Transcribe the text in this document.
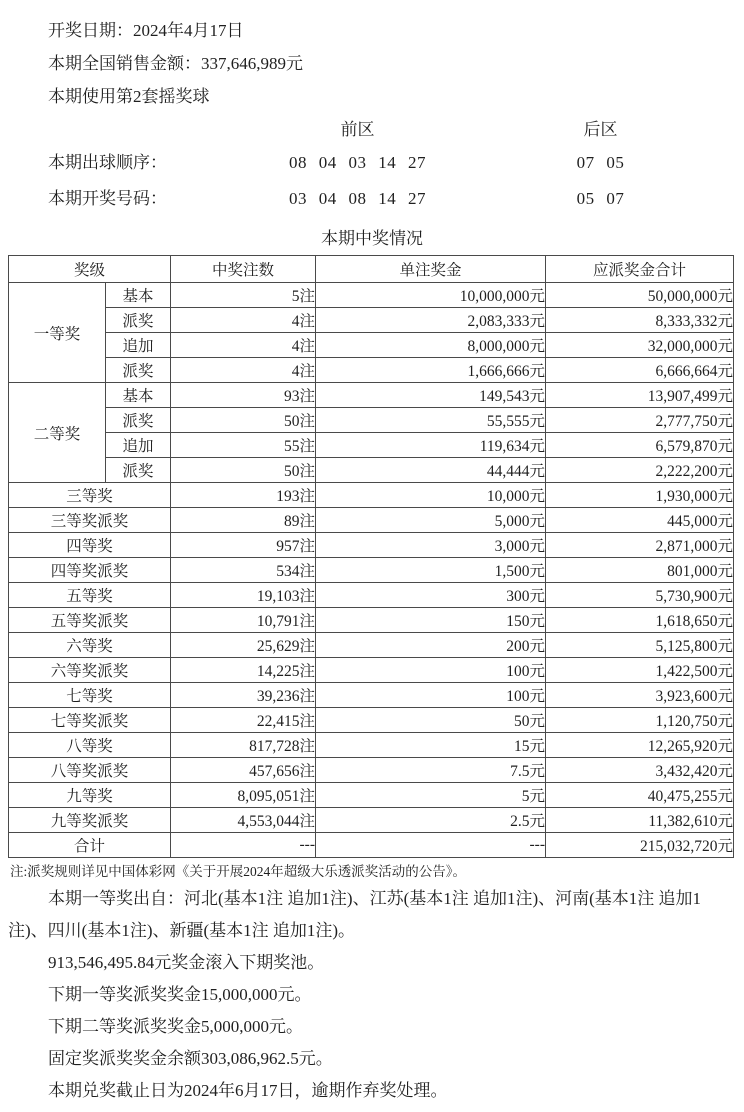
开奖日期：2024年4月17日

本期全国销售金额：337,646,989元

本期使用第2套摇奖球

前区	后区
本期出球顺序：	08 04 03 14 27	07 05
本期开奖号码：	03 04 08 14 27	05 07
本期中奖情况
奖级		中奖注数	单注奖金	应派奖金合计
一等奖	基本	5注	10,000,000元	50,000,000元
	派奖	4注	2,083,333元	8,333,332元
	追加	4注	8,000,000元	32,000,000元
	派奖	4注	1,666,666元	6,666,664元
二等奖	基本	93注	149,543元	13,907,499元
	派奖	50注	55,555元	2,777,750元
	追加	55注	119,634元	6,579,870元
	派奖	50注	44,444元	2,222,200元
三等奖		193注	10,000元	1,930,000元
三等奖派奖		89注	5,000元	445,000元
四等奖		957注	3,000元	2,871,000元
四等奖派奖		534注	1,500元	801,000元
五等奖		19,103注	300元	5,730,900元
五等奖派奖		10,791注	150元	1,618,650元
六等奖		25,629注	200元	5,125,800元
六等奖派奖		14,225注	100元	1,422,500元
七等奖		39,236注	100元	3,923,600元
七等奖派奖		22,415注	50元	1,120,750元
八等奖		817,728注	15元	12,265,920元
八等奖派奖		457,656注	7.5元	3,432,420元
九等奖		8,095,051注	5元	40,475,255元
九等奖派奖		4,553,044注	2.5元	11,382,610元
合计		---	---	215,032,720元

注:派奖规则详见中国体彩网《关于开展2024年超级大乐透派奖活动的公告》。

本期一等奖出自：河北(基本1注 追加1注)、江苏(基本1注 追加1注)、河南(基本1注 追加1注)、四川(基本1注)、新疆(基本1注 追加1注)。

913,546,495.84元奖金滚入下期奖池。

下期一等奖派奖奖金15,000,000元。

下期二等奖派奖奖金5,000,000元。

固定奖派奖奖金余额303,086,962.5元。

本期兑奖截止日为2024年6月17日，逾期作弃奖处理。
